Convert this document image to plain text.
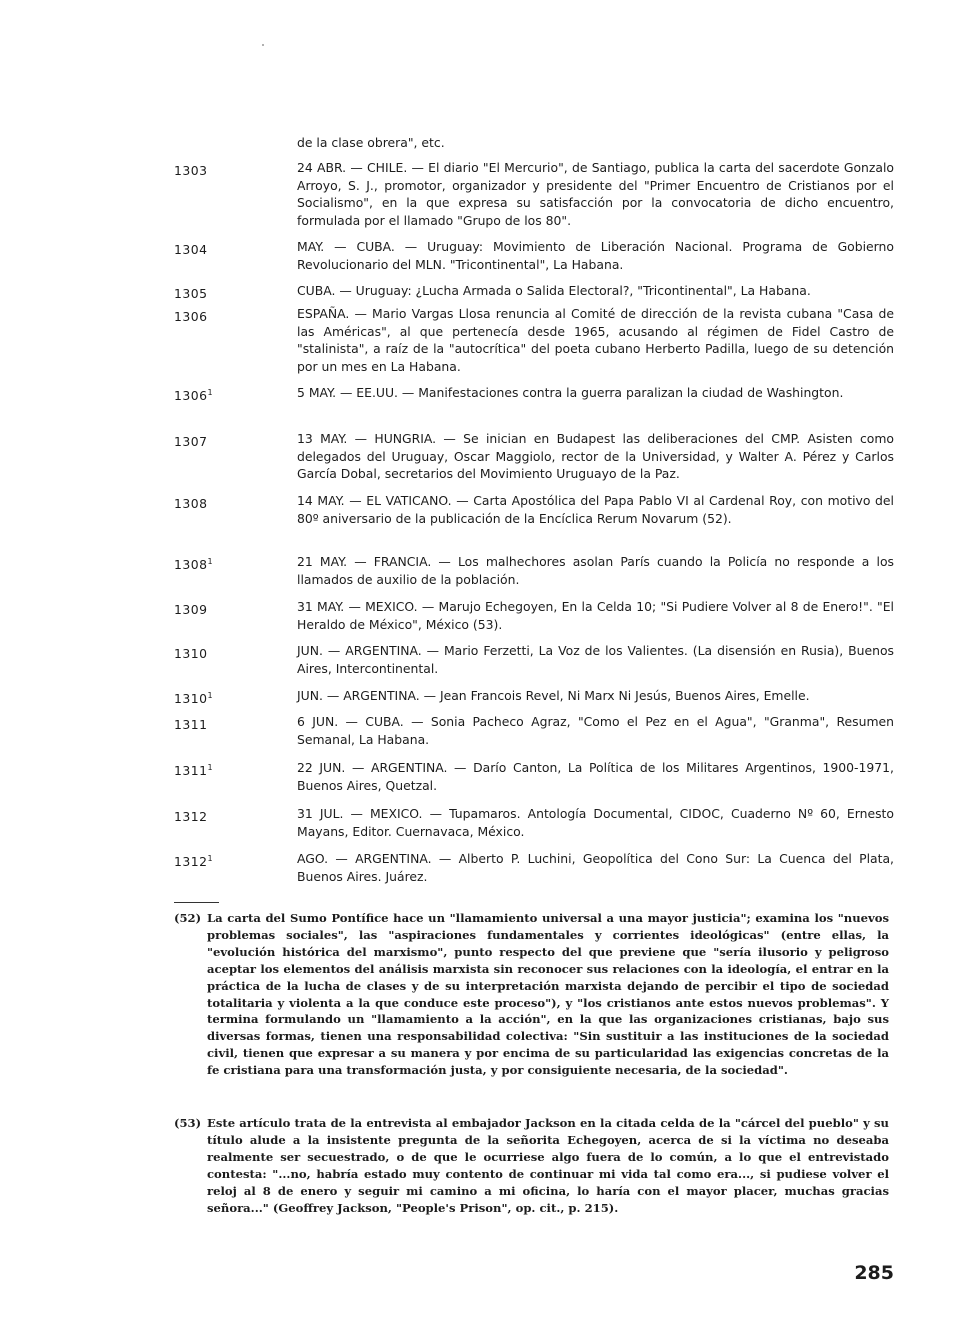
de la clase obrera", etc.
1303	24 ABR. — CHILE. — El diario "El Mercurio", de Santiago, publica la carta del sacerdote Gonzalo Arroyo, S. J., promotor, organizador y presidente del "Primer Encuentro de Cristianos por el Socialismo", en la que expresa su satisfacción por la convocatoria de dicho encuentro, formulada por el llamado "Grupo de los 80".
1304	MAY. — CUBA. — Uruguay: Movimiento de Liberación Nacional. Programa de Gobierno Revolucionario del MLN. "Tricontinental", La Habana.
1305	CUBA. — Uruguay: ¿Lucha Armada o Salida Electoral?, "Tricontinental", La Habana.
1306	ESPAÑA. — Mario Vargas Llosa renuncia al Comité de dirección de la revista cubana "Casa de las Américas", al que pertenecía desde 1965, acusando al régimen de Fidel Castro de "stalinista", a raíz de la "autocrítica" del poeta cubano Herberto Padilla, luego de su detención por un mes en La Habana.
1306$^1$	5 MAY. — EE.UU. — Manifestaciones contra la guerra paralizan la ciudad de Washington.
1307	13 MAY. — HUNGRIA. — Se inician en Budapest las deliberaciones del CMP. Asisten como delegados del Uruguay, Oscar Maggiolo, rector de la Universidad, y Walter A. Pérez y Carlos García Dobal, secretarios del Movimiento Uruguayo de la Paz.
1308	14 MAY. — EL VATICANO. — Carta Apostólica del Papa Pablo VI al Cardenal Roy, con motivo del 80º aniversario de la publicación de la Encíclica Rerum Novarum (52).
1308$^1$	21 MAY. — FRANCIA. — Los malhechores asolan París cuando la Policía no responde a los llamados de auxilio de la población.
1309	31 MAY. — MEXICO. — Marujo Echegoyen, En la Celda 10; "Si Pudiere Volver al 8 de Enero!". "El Heraldo de México", México (53).
1310	JUN. — ARGENTINA. — Mario Ferzetti, La Voz de los Valientes. (La disensión en Rusia), Buenos Aires, Intercontinental.
1310$^1$	JUN. — ARGENTINA. — Jean Francois Revel, Ni Marx Ni Jesús, Buenos Aires, Emelle.
1311	6 JUN. — CUBA. — Sonia Pacheco Agraz, "Como el Pez en el Agua", "Granma", Resumen Semanal, La Habana.
1311$^1$	22 JUN. — ARGENTINA. — Darío Canton, La Política de los Militares Argentinos, 1900-1971, Buenos Aires, Quetzal.
1312	31 JUL. — MEXICO. — Tupamaros. Antología Documental, CIDOC, Cuaderno Nº 60, Ernesto Mayans, Editor. Cuernavaca, México.
1312$^1$	AGO. — ARGENTINA. — Alberto P. Luchini, Geopolítica del Cono Sur: La Cuenca del Plata, Buenos Aires. Juárez.
(52) La carta del Sumo Pontífice hace un "llamamiento universal a una mayor justicia"; examina los "nuevos problemas sociales", las "aspiraciones fundamentales y corrientes ideológicas" (entre ellas, la "evolución histórica del marxismo", punto respecto del que previene que "sería ilusorio y peligroso aceptar los elementos del análisis marxista sin reconocer sus relaciones con la ideología, el entrar en la práctica de la lucha de clases y de su interpretación marxista dejando de percibir el tipo de sociedad totalitaria y violenta a la que conduce este proceso"), y "los cristianos ante estos nuevos problemas". Y termina formulando un "llamamiento a la acción", en la que las organizaciones cristianas, bajo sus diversas formas, tienen una responsabilidad colectiva: "Sin sustituir a las instituciones de la sociedad civil, tienen que expresar a su manera y por encima de su particularidad las exigencias concretas de la fe cristiana para una transformación justa, y por consiguiente necesaria, de la sociedad".
(53) Este artículo trata de la entrevista al embajador Jackson en la citada celda de la "cárcel del pueblo" y su título alude a la insistente pregunta de la señorita Echegoyen, acerca de si la víctima no deseaba realmente ser secuestrado, o de que le ocurriese algo fuera de lo común, a lo que el entrevistado contesta: "...no, habría estado muy contento de continuar mi vida tal como era..., si pudiese volver el reloj al 8 de enero y seguir mi camino a mi oficina, lo haría con el mayor placer, muchas gracias señora..." (Geoffrey Jackson, "People's Prison", op. cit., p. 215).
285
